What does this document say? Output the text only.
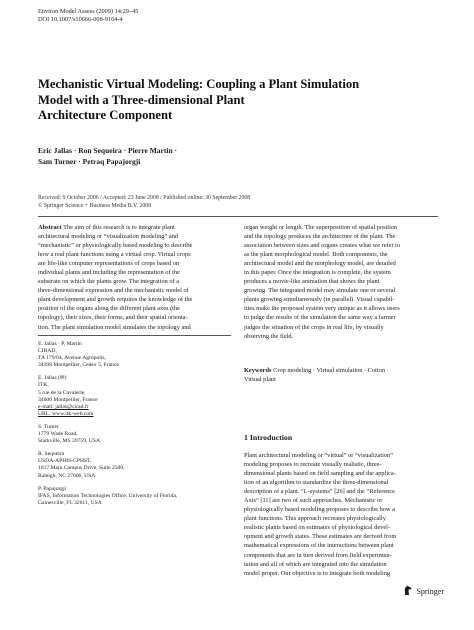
Environ Model Assess (2009) 14:29–45
DOI 10.1007/s10666-008-9164-4
Mechanistic Virtual Modeling: Coupling a Plant Simulation
Model with a Three-dimensional Plant
Architecture Component
Eric Jallas · Ron Sequeira · Pierre Martin ·
Sam Turner · Petraq Papajorgji
Received: 9 October 2006 / Accepted: 23 June 2008 / Published online: 30 September 2008
© Springer Science + Business Media B.V. 2008

Abstract The aim of this research is to integrate plant

architectural modeling or “visualization modeling” and

“mechanistic” or physiologically based modeling to describe

how a real plant functions using a virtual crop. Virtual crops

are life-like computer representations of crops based on

individual plants and including the representation of the

substrate on which the plants grow. The integration of a

three-dimensional expression and the mechanistic model of

plant development and growth requires the knowledge of the

position of the organs along the different plant axes (the

topology), their sizes, their forms, and their spatial orienta-

tion. The plant simulation model simulates the topology and

organ weight or length. The superposition of spatial position

and the topology produces the architecture of the plant. The

association between sizes and organs creates what we refer to

as the plant morphological model. Both components, the

architectural model and the morphology model, are detailed

in this paper. Once the integration is complete, the system

produces a movie-like animation that shows the plant

growing. The integrated model may simulate one or several

plants growing simultaneously (in parallel). Visual capabil-

ities make the proposed system very unique as it allows users

to judge the results of the simulation the same way a farmer

judges the situation of the crops in real life, by visually

observing the field.

Keywords Crop modeling · Virtual simulation · Cotton ·
Virtual plant
1 Introduction

Plant architectural modeling or “virtual” or “visualization”

modeling proposes to recreate visually realistic, three-

dimensional plants based on field sampling and the applica-

tion of an algorithm to standardize the three-dimensional

description of a plant. “L-systems” [26] and the “Reference

Axis” [11] are two of such approaches. Mechanistic or

physiologically based modeling proposes to describe how a

plant functions. This approach recreates physiologically

realistic plants based on estimates of physiological devel-

opment and growth states. These estimates are derived from

mathematical expressions of the interactions between plant

components that are in turn derived from field experimen-

tation and all of which are integrated into the simulation

model proper. Our objective is to integrate both modeling

E. Jallas · P. Martin
CIRAD,
TA 179/04, Avenue Agropolis,
34398 Montpellier, Cedex 5, France
E. Jallas (✉)
ITK,
5 rue de la Cavalerie,
34000 Montpellier, France
e-mail: jallas@cirad.fr
URL: www.itk-web.com
S. Turner
1779 Wade Road,
Starkville, MS 39759, USA
R. Sequeira
USDA-APHIS-CPHST,
1017 Main Campus Drive, Suite 2500,
Raleigh, NC 27606, USA
P. Papajorgji
IFAS, Information Technologies Office, University of Florida,
Gainesville, FL 32611, USA
Springer
